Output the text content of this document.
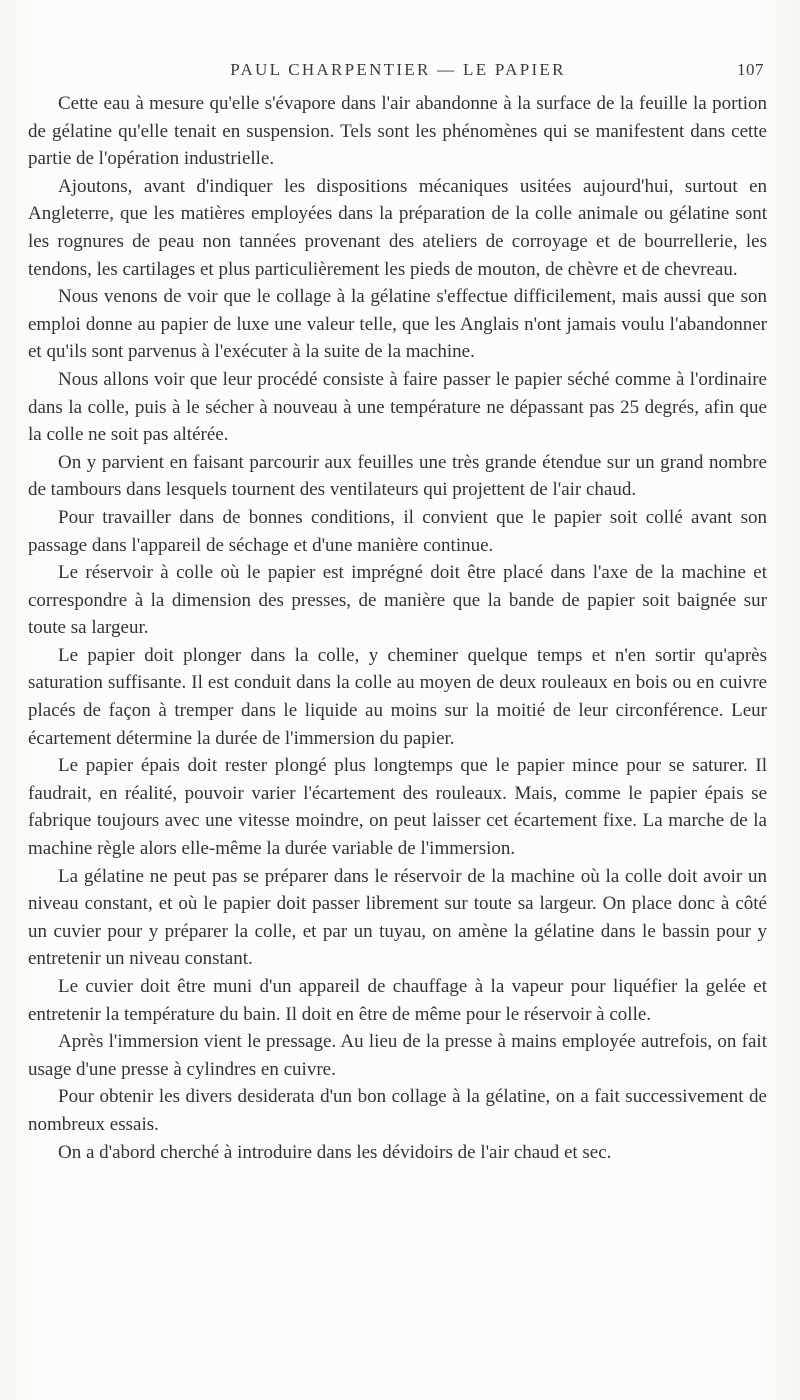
PAUL CHARPENTIER — LE PAPIER	107

Cette eau à mesure qu'elle s'évapore dans l'air abandonne à la surface de la feuille la portion de gélatine qu'elle tenait en suspension. Tels sont les phénomènes qui se manifestent dans cette partie de l'opération industrielle.

Ajoutons, avant d'indiquer les dispositions mécaniques usitées aujourd'hui, surtout en Angleterre, que les matières employées dans la préparation de la colle animale ou gélatine sont les rognures de peau non tannées provenant des ateliers de corroyage et de bourrellerie, les tendons, les cartilages et plus particulièrement les pieds de mouton, de chèvre et de chevreau.

Nous venons de voir que le collage à la gélatine s'effectue difficilement, mais aussi que son emploi donne au papier de luxe une valeur telle, que les Anglais n'ont jamais voulu l'abandonner et qu'ils sont parvenus à l'exécuter à la suite de la machine.

Nous allons voir que leur procédé consiste à faire passer le papier séché comme à l'ordinaire dans la colle, puis à le sécher à nouveau à une température ne dépassant pas 25 degrés, afin que la colle ne soit pas altérée.

On y parvient en faisant parcourir aux feuilles une très grande étendue sur un grand nombre de tambours dans lesquels tournent des ventilateurs qui projettent de l'air chaud.

Pour travailler dans de bonnes conditions, il convient que le papier soit collé avant son passage dans l'appareil de séchage et d'une manière continue.

Le réservoir à colle où le papier est imprégné doit être placé dans l'axe de la machine et correspondre à la dimension des presses, de manière que la bande de papier soit baignée sur toute sa largeur.

Le papier doit plonger dans la colle, y cheminer quelque temps et n'en sortir qu'après saturation suffisante. Il est conduit dans la colle au moyen de deux rouleaux en bois ou en cuivre placés de façon à tremper dans le liquide au moins sur la moitié de leur circonférence. Leur écartement détermine la durée de l'immersion du papier.

Le papier épais doit rester plongé plus longtemps que le papier mince pour se saturer. Il faudrait, en réalité, pouvoir varier l'écartement des rouleaux. Mais, comme le papier épais se fabrique toujours avec une vitesse moindre, on peut laisser cet écartement fixe. La marche de la machine règle alors elle-même la durée variable de l'immersion.

La gélatine ne peut pas se préparer dans le réservoir de la machine où la colle doit avoir un niveau constant, et où le papier doit passer librement sur toute sa largeur. On place donc à côté un cuvier pour y préparer la colle, et par un tuyau, on amène la gélatine dans le bassin pour y entretenir un niveau constant.

Le cuvier doit être muni d'un appareil de chauffage à la vapeur pour liquéfier la gelée et entretenir la température du bain. Il doit en être de même pour le réservoir à colle.

Après l'immersion vient le pressage. Au lieu de la presse à mains employée autrefois, on fait usage d'une presse à cylindres en cuivre.

Pour obtenir les divers desiderata d'un bon collage à la gélatine, on a fait successivement de nombreux essais.

On a d'abord cherché à introduire dans les dévidoirs de l'air chaud et sec.
